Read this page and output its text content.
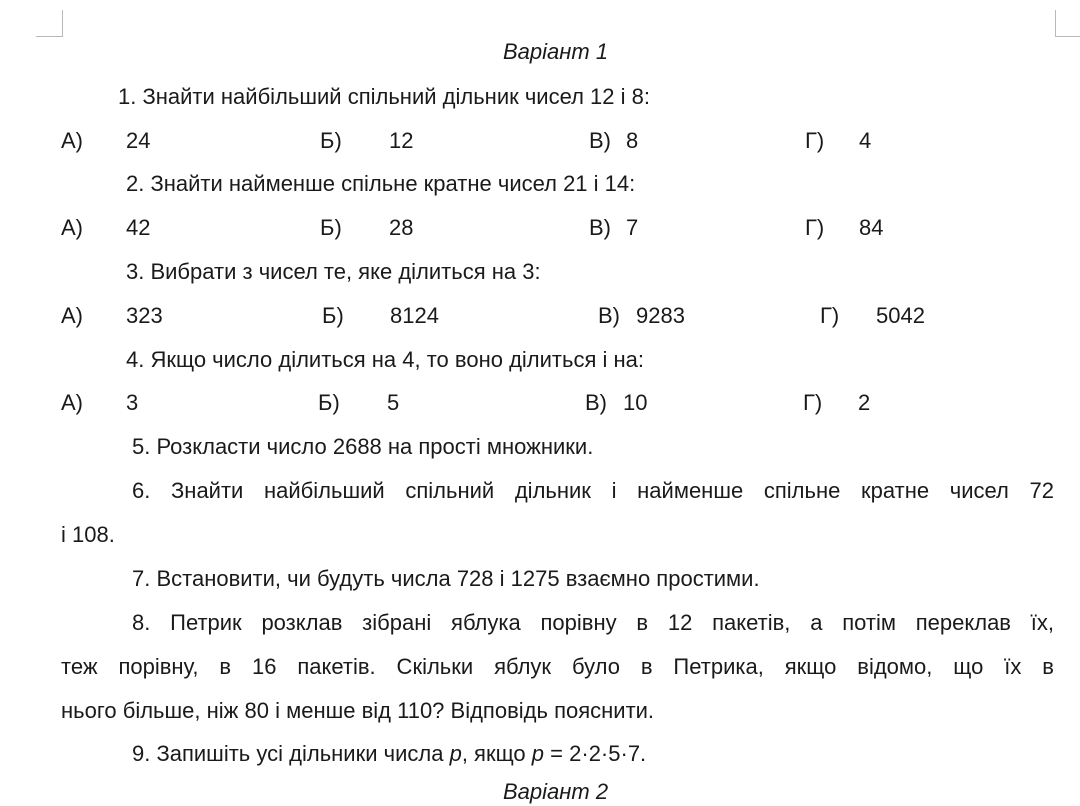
Варіант 1
1. Знайти найбільший спільний дільник чисел 12 і 8:
А) 24	Б) 12	В) 8	Г) 4
2. Знайти найменше спільне кратне чисел 21 і 14:
А) 42	Б) 28	В) 7	Г) 84
3. Вибрати з чисел те, яке ділиться на 3:
А) 323	Б) 8124	В) 9283	Г) 5042
4. Якщо число ділиться на 4, то воно ділиться і на:
А) 3	Б) 5	В) 10	Г) 2
5. Розкласти число 2688 на прості множники.
6. Знайти найбільший спільний дільник і найменше спільне кратне чисел 72
і 108.
7. Встановити, чи будуть числа 728 і 1275 взаємно простими.
8. Петрик розклав зібрані яблука порівну в 12 пакетів, а потім переклав їх,
теж порівну, в 16 пакетів. Скільки яблук було в Петрика, якщо відомо, що їх в
нього більше, ніж 80 і менше від 110? Відповідь пояснити.
9. Запишіть усі дільники числа p, якщо p = 2·2·5·7.
Варіант 2
